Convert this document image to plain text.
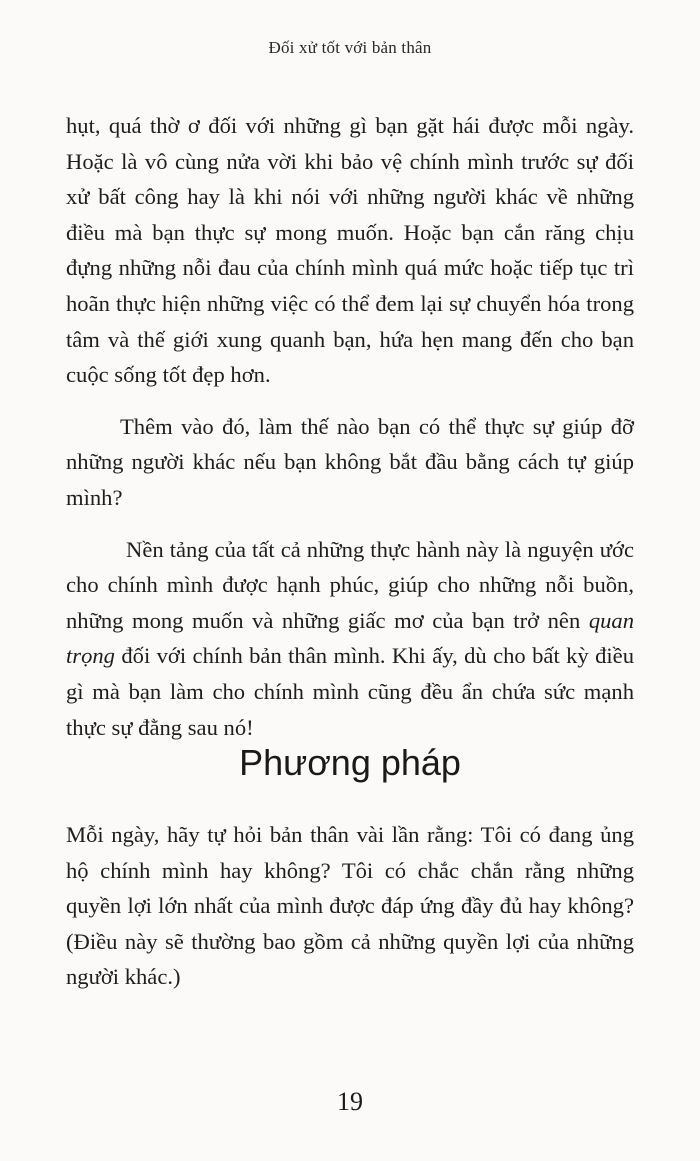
Đối xử tốt với bản thân

hụt, quá thờ ơ đối với những gì bạn gặt hái được mỗi ngày. Hoặc là vô cùng nửa vời khi bảo vệ chính mình trước sự đối xử bất công hay là khi nói với những người khác về những điều mà bạn thực sự mong muốn. Hoặc bạn cắn răng chịu đựng những nỗi đau của chính mình quá mức hoặc tiếp tục trì hoãn thực hiện những việc có thể đem lại sự chuyển hóa trong tâm và thế giới xung quanh bạn, hứa hẹn mang đến cho bạn cuộc sống tốt đẹp hơn.

Thêm vào đó, làm thế nào bạn có thể thực sự giúp đỡ những người khác nếu bạn không bắt đầu bằng cách tự giúp mình?

Nền tảng của tất cả những thực hành này là nguyện ước cho chính mình được hạnh phúc, giúp cho những nỗi buồn, những mong muốn và những giấc mơ của bạn trở nên quan trọng đối với chính bản thân mình. Khi ấy, dù cho bất kỳ điều gì mà bạn làm cho chính mình cũng đều ẩn chứa sức mạnh thực sự đằng sau nó!

Phương pháp

Mỗi ngày, hãy tự hỏi bản thân vài lần rằng: Tôi có đang ủng hộ chính mình hay không? Tôi có chắc chắn rằng những quyền lợi lớn nhất của mình được đáp ứng đầy đủ hay không? (Điều này sẽ thường bao gồm cả những quyền lợi của những người khác.)

19
